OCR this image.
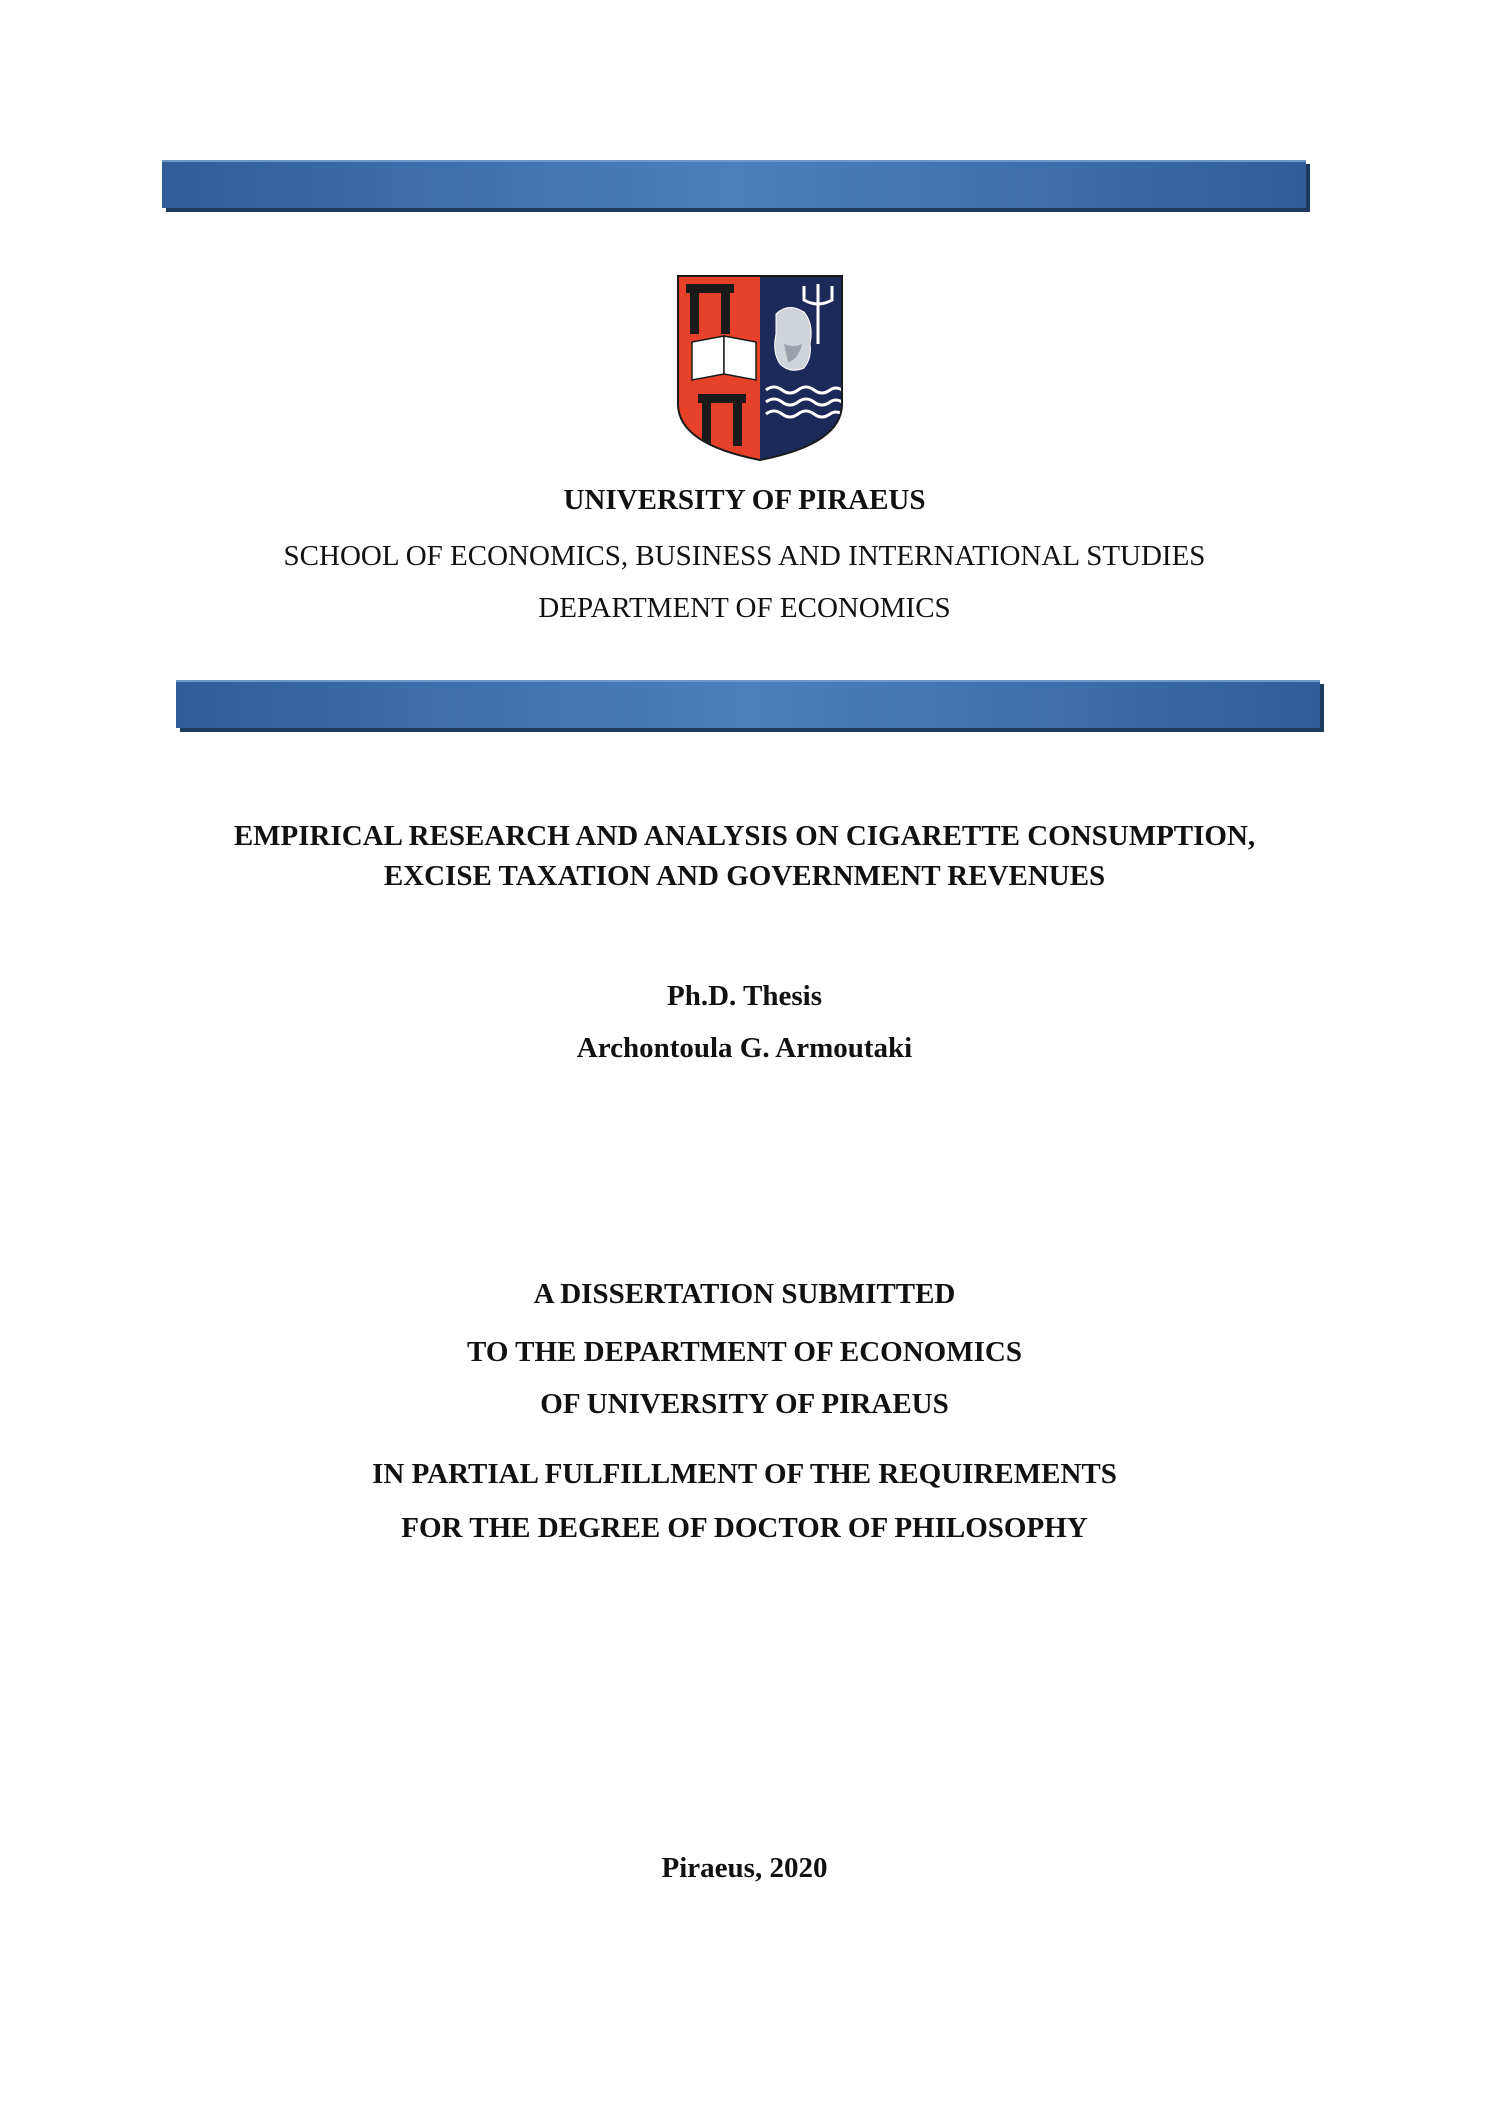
UNIVERSITY OF PIRAEUS
SCHOOL OF ECONOMICS, BUSINESS AND INTERNATIONAL STUDIES
DEPARTMENT OF ECONOMICS
EMPIRICAL RESEARCH AND ANALYSIS ON CIGARETTE CONSUMPTION,
EXCISE TAXATION AND GOVERNMENT REVENUES
Ph.D. Thesis
Archontoula G. Armoutaki
A DISSERTATION SUBMITTED
TO THE DEPARTMENT OF ECONOMICS
OF UNIVERSITY OF PIRAEUS
IN PARTIAL FULFILLMENT OF THE REQUIREMENTS
FOR THE DEGREE OF DOCTOR OF PHILOSOPHY
Piraeus, 2020
